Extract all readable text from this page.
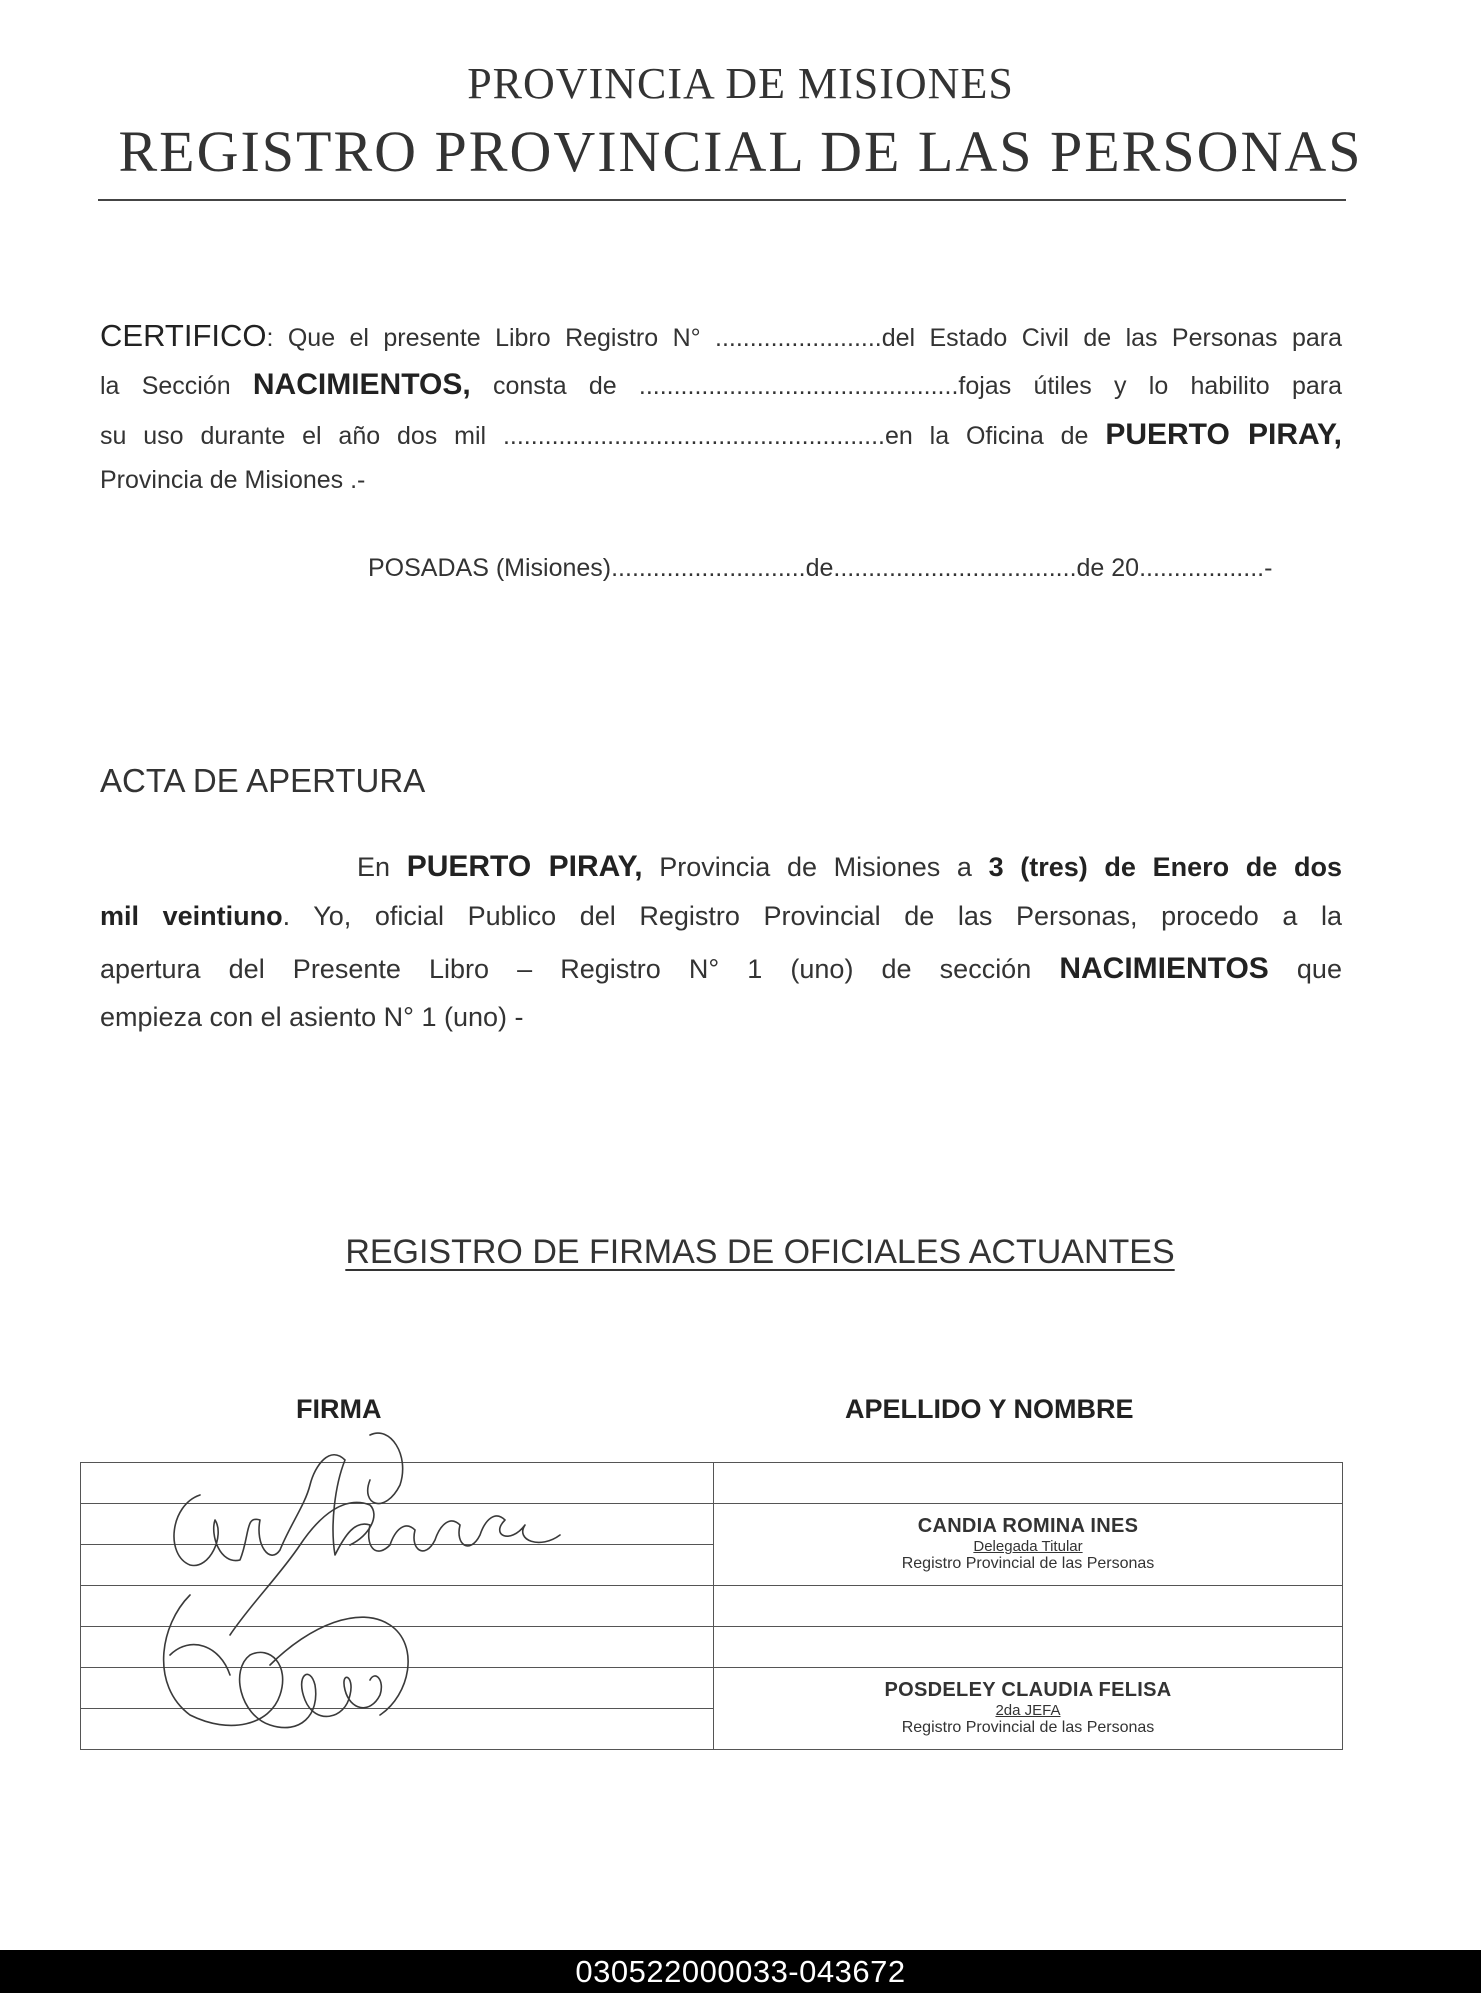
PROVINCIA DE MISIONES
REGISTRO PROVINCIAL DE LAS PERSONAS
CERTIFICO: Que el presente Libro Registro N° ........................del Estado Civil de las Personas para
la Sección NACIMIENTOS, consta de ..............................................fojas útiles y lo habilito para
su uso durante el año dos mil .......................................................en la Oficina de PUERTO PIRAY,
Provincia de Misiones .-
POSADAS (Misiones)............................de...................................de 20..................-
ACTA DE APERTURA
En PUERTO PIRAY, Provincia de Misiones a 3 (tres) de Enero de dos
mil veintiuno. Yo, oficial Publico del Registro Provincial de las Personas, procedo a la
apertura del Presente Libro – Registro N° 1 (uno) de sección NACIMIENTOS que
empieza con el asiento N° 1 (uno) -
REGISTRO DE FIRMAS DE OFICIALES ACTUANTES
FIRMA	APELLIDO Y NOMBRE

	CANDIA ROMINA INES
Delegada Titular
Registro Provincial de las Personas

	POSDELEY CLAUDIA FELISA
2da JEFA
Registro Provincial de las Personas

030522000033-043672
